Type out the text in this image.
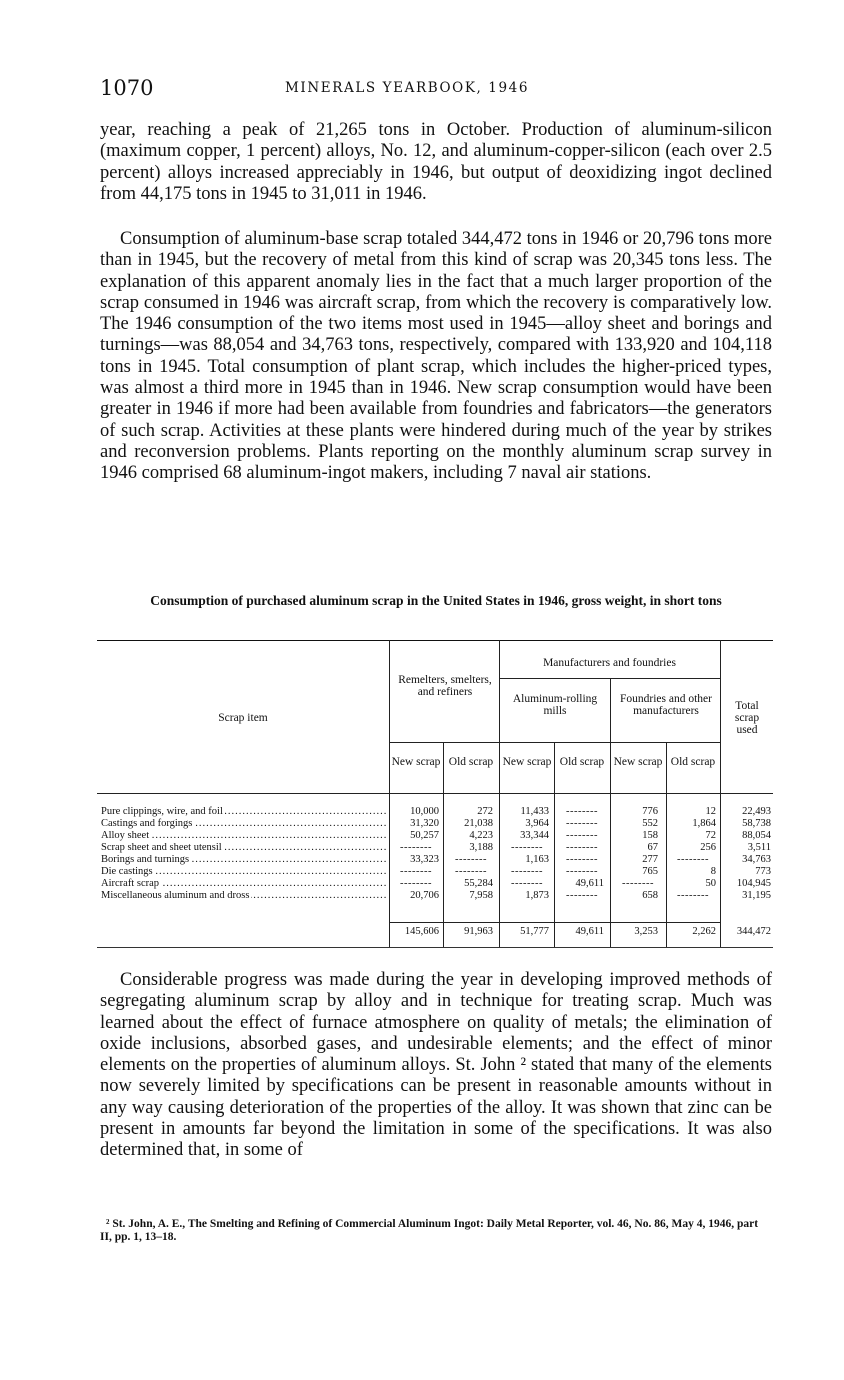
1070	MINERALS YEARBOOK, 1946

year, reaching a peak of 21,265 tons in October. Production of aluminum-silicon (maximum copper, 1 percent) alloys, No. 12, and aluminum-copper-silicon (each over 2.5 percent) alloys increased appreciably in 1946, but output of deoxidizing ingot declined from 44,175 tons in 1945 to 31,011 in 1946.

Consumption of aluminum-base scrap totaled 344,472 tons in 1946 or 20,796 tons more than in 1945, but the recovery of metal from this kind of scrap was 20,345 tons less. The explanation of this apparent anomaly lies in the fact that a much larger proportion of the scrap consumed in 1946 was aircraft scrap, from which the recovery is comparatively low. The 1946 consumption of the two items most used in 1945—alloy sheet and borings and turnings—was 88,054 and 34,763 tons, respectively, compared with 133,920 and 104,118 tons in 1945. Total consumption of plant scrap, which includes the higher-priced types, was almost a third more in 1945 than in 1946. New scrap consumption would have been greater in 1946 if more had been available from foundries and fabricators—the generators of such scrap. Activities at these plants were hindered during much of the year by strikes and reconversion problems. Plants reporting on the monthly aluminum scrap survey in 1946 comprised 68 aluminum-ingot makers, including 7 naval air stations.

Consumption of purchased aluminum scrap in the United States in 1946, gross weight, in short tons

Scrap item
Remelters, smelters, and refiners
Manufacturers and foundries
Aluminum-rolling mills
Foundries and other manufacturers	Total scrap used
New scrap Old scrap New scrap Old scrap New scrap Old scrap
Pure clippings, wire, and foil .....	10,000	272	11,433	--------	776	12	22,493
Castings and forgings .....	31,320	21,038	3,964	--------	552	1,864	58,738
Alloy sheet .....	50,257	4,223	33,344	--------	158	72	88,054
Scrap sheet and sheet utensil .....	--------	3,188	--------	--------	67	256	3,511
Borings and turnings .....	33,323	--------	1,163	--------	277	--------	34,763
Die castings .....	--------	--------	--------	--------	765	8	773
Aircraft scrap .....	--------	55,284	--------	49,611	--------	50	104,945
Miscellaneous aluminum and dross .....	20,706	7,958	1,873	--------	658	--------	31,195
145,606	91,963	51,777	49,611	3,253	2,262	344,472

Considerable progress was made during the year in developing improved methods of segregating aluminum scrap by alloy and in technique for treating scrap. Much was learned about the effect of furnace atmosphere on quality of metals; the elimination of oxide inclusions, absorbed gases, and undesirable elements; and the effect of minor elements on the properties of aluminum alloys. St. John ² stated that many of the elements now severely limited by specifications can be present in reasonable amounts without in any way causing deterioration of the properties of the alloy. It was shown that zinc can be present in amounts far beyond the limitation in some of the specifications. It was also determined that, in some of

² St. John, A. E., The Smelting and Refining of Commercial Aluminum Ingot: Daily Metal Reporter, vol. 46, No. 86, May 4, 1946, part II, pp. 1, 13–18.
